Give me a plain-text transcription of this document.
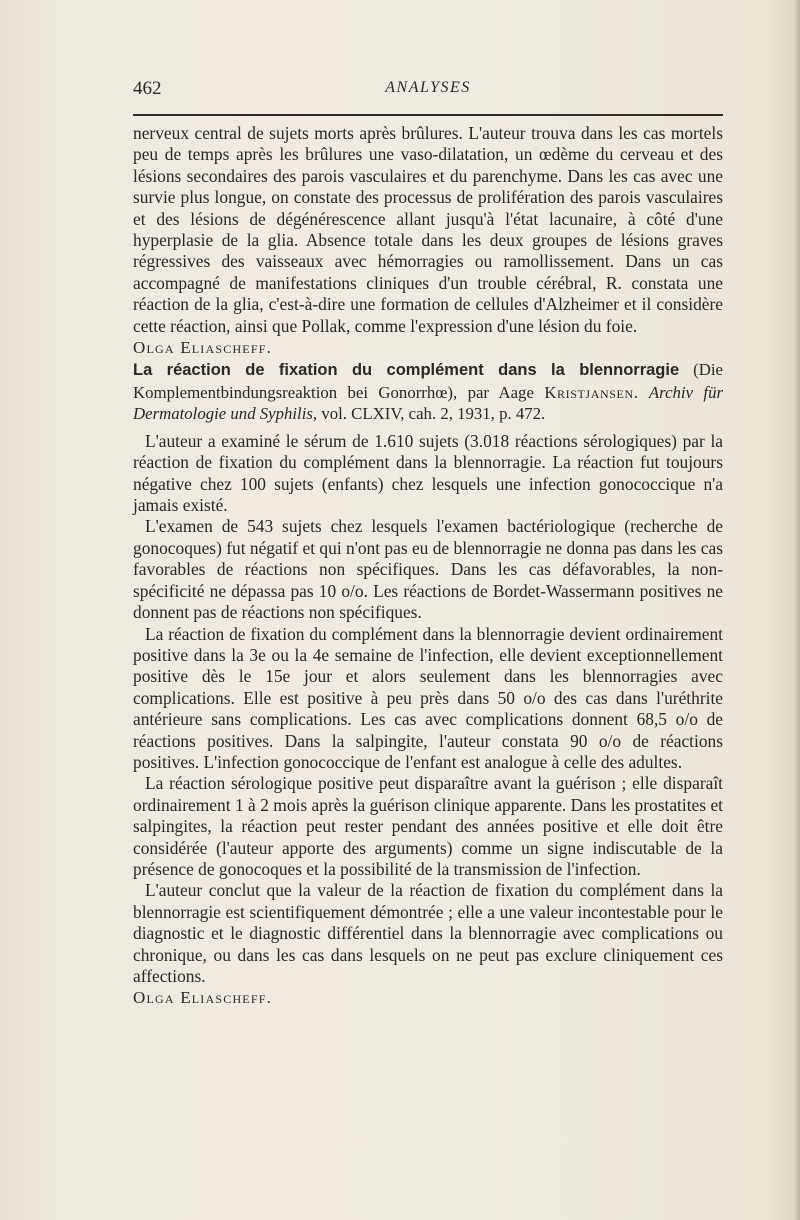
462	ANALYSES

nerveux central de sujets morts après brûlures. L'auteur trouva dans les cas mortels peu de temps après les brûlures une vaso-dilatation, un œdème du cerveau et des lésions secondaires des parois vasculaires et du parenchyme. Dans les cas avec une survie plus longue, on constate des processus de prolifération des parois vasculaires et des lésions de dégénérescence allant jusqu'à l'état lacunaire, à côté d'une hyperplasie de la glia. Absence totale dans les deux groupes de lésions graves régressives des vaisseaux avec hémorragies ou ramollissement. Dans un cas accompagné de manifestations cliniques d'un trouble cérébral, R. constata une réaction de la glia, c'est-à-dire une formation de cellules d'Alzheimer et il considère cette réaction, ainsi que Pollak, comme l'expression d'une lésion du foie.

Olga Eliascheff.

La réaction de fixation du complément dans la blennorragie (Die Komplementbindungsreaktion bei Gonorrhœ), par Aage Kristjansen. Archiv für Dermatologie und Syphilis, vol. CLXIV, cah. 2, 1931, p. 472.

L'auteur a examiné le sérum de 1.610 sujets (3.018 réactions sérologiques) par la réaction de fixation du complément dans la blennorragie. La réaction fut toujours négative chez 100 sujets (enfants) chez lesquels une infection gonococcique n'a jamais existé.

L'examen de 543 sujets chez lesquels l'examen bactériologique (recherche de gonocoques) fut négatif et qui n'ont pas eu de blennorragie ne donna pas dans les cas favorables de réactions non spécifiques. Dans les cas défavorables, la non-spécificité ne dépassa pas 10 o/o. Les réactions de Bordet-Wassermann positives ne donnent pas de réactions non spécifiques.

La réaction de fixation du complément dans la blennorragie devient ordinairement positive dans la 3e ou la 4e semaine de l'infection, elle devient exceptionnellement positive dès le 15e jour et alors seulement dans les blennorragies avec complications. Elle est positive à peu près dans 50 o/o des cas dans l'uréthrite antérieure sans complications. Les cas avec complications donnent 68,5 o/o de réactions positives. Dans la salpingite, l'auteur constata 90 o/o de réactions positives. L'infection gonococcique de l'enfant est analogue à celle des adultes.

La réaction sérologique positive peut disparaître avant la guérison ; elle disparaît ordinairement 1 à 2 mois après la guérison clinique apparente. Dans les prostatites et salpingites, la réaction peut rester pendant des années positive et elle doit être considérée (l'auteur apporte des arguments) comme un signe indiscutable de la présence de gonocoques et la possibilité de la transmission de l'infection.

L'auteur conclut que la valeur de la réaction de fixation du complément dans la blennorragie est scientifiquement démontrée ; elle a une valeur incontestable pour le diagnostic et le diagnostic différentiel dans la blennorragie avec complications ou chronique, ou dans les cas dans lesquels on ne peut pas exclure cliniquement ces affections.

Olga Eliascheff.
